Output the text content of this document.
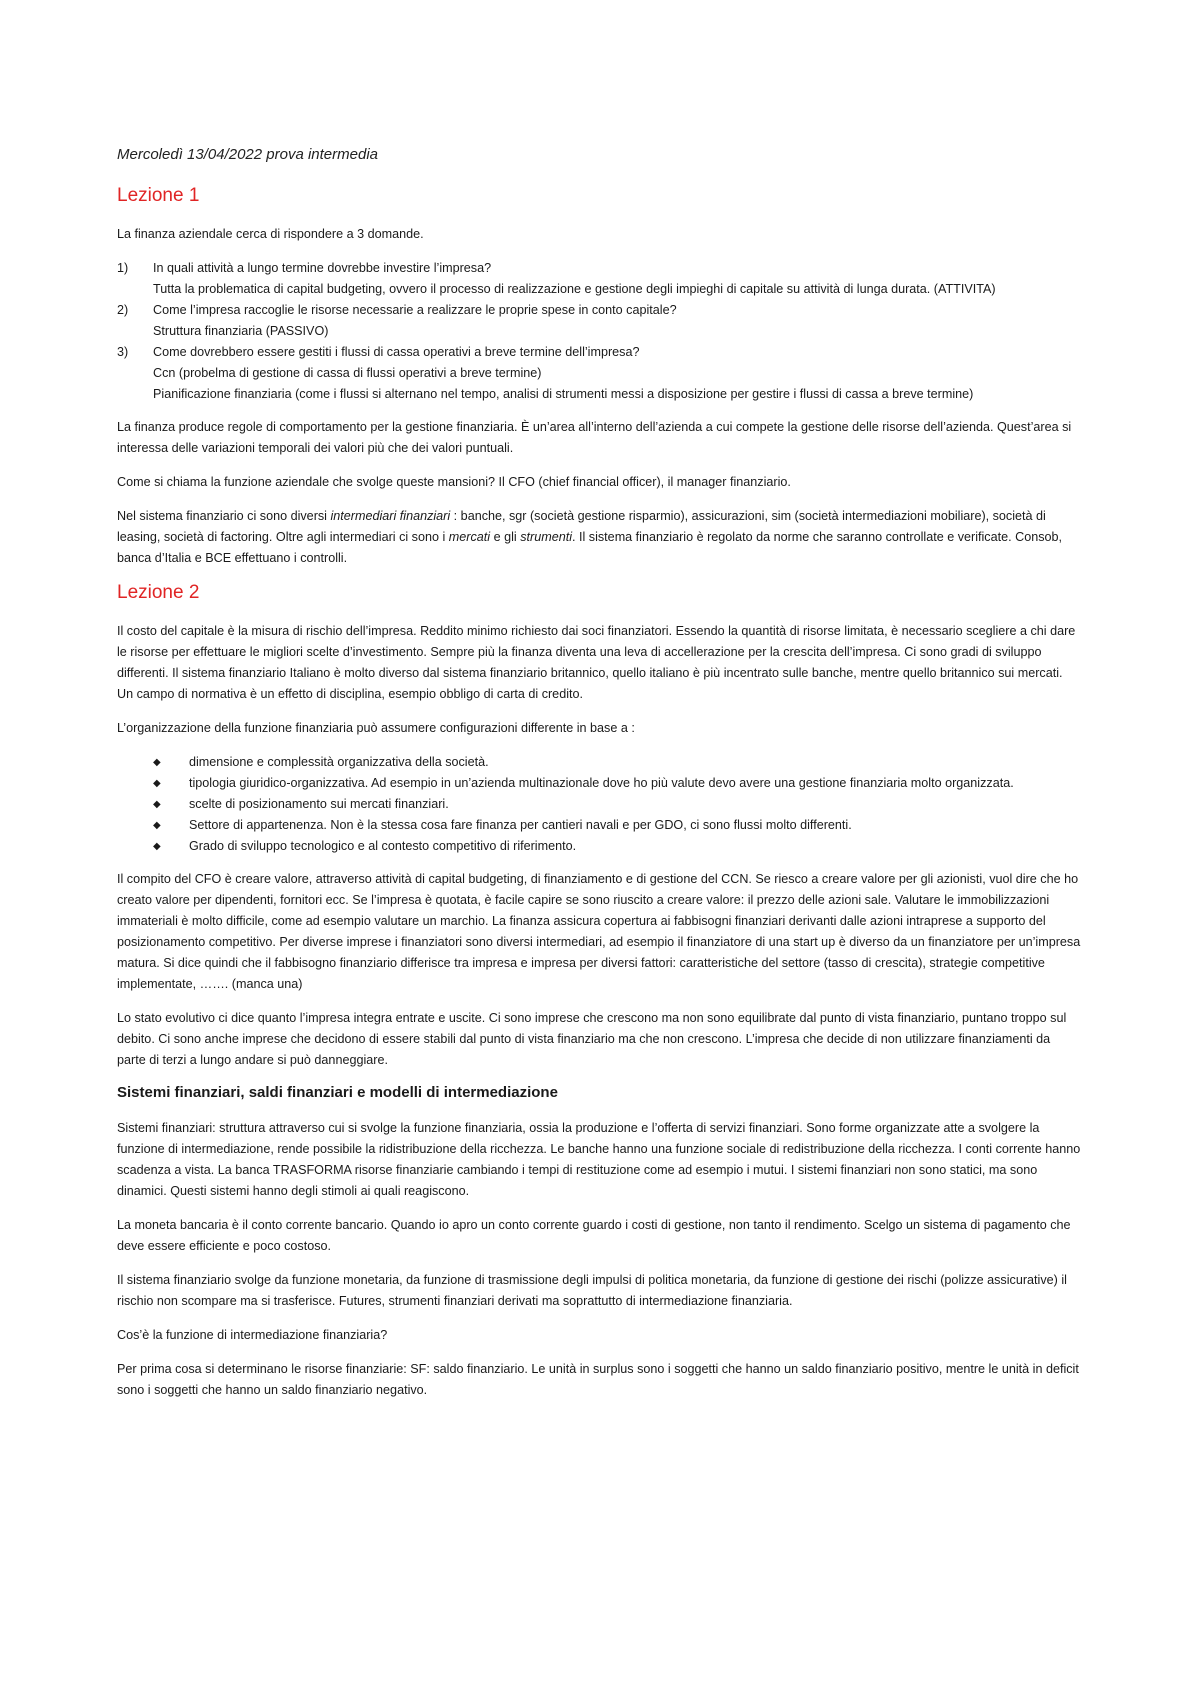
Mercoledì 13/04/2022 prova intermedia
Lezione 1

La finanza aziendale cerca di rispondere a 3 domande.

1) In quali attività a lungo termine dovrebbe investire l’impresa?
Tutta la problematica di capital budgeting, ovvero il processo di realizzazione e gestione degli impieghi di capitale su attività di lunga durata. (ATTIVITA)
2) Come l’impresa raccoglie le risorse necessarie a realizzare le proprie spese in conto capitale?
Struttura finanziaria (PASSIVO)
3) Come dovrebbero essere gestiti i flussi di cassa operativi a breve termine dell’impresa?
Ccn (probelma di gestione di cassa di flussi operativi a breve termine)
Pianificazione finanziaria (come i flussi si alternano nel tempo, analisi di strumenti messi a disposizione per gestire i flussi di cassa a breve termine)

La finanza produce regole di comportamento per la gestione finanziaria. È un’area all’interno dell’azienda a cui compete la gestione delle risorse dell’azienda. Quest’area si interessa delle variazioni temporali dei valori più che dei valori puntuali.

Come si chiama la funzione aziendale che svolge queste mansioni? Il CFO (chief financial officer), il manager finanziario.

Nel sistema finanziario ci sono diversi intermediari finanziari : banche, sgr (società gestione risparmio), assicurazioni, sim (società intermediazioni mobiliare), società di leasing, società di factoring. Oltre agli intermediari ci sono i mercati e gli strumenti. Il sistema finanziario è regolato da norme che saranno controllate e verificate. Consob, banca d’Italia e BCE effettuano i controlli.

Lezione 2

Il costo del capitale è la misura di rischio dell’impresa. Reddito minimo richiesto dai soci finanziatori. Essendo la quantità di risorse limitata, è necessario scegliere a chi dare le risorse per effettuare le migliori scelte d’investimento. Sempre più la finanza diventa una leva di accellerazione per la crescita dell’impresa. Ci sono gradi di sviluppo differenti. Il sistema finanziario Italiano è molto diverso dal sistema finanziario britannico, quello italiano è più incentrato sulle banche, mentre quello britannico sui mercati. Un campo di normativa è un effetto di disciplina, esempio obbligo di carta di credito.

L’organizzazione della funzione finanziaria può assumere configurazioni differente in base a :

◆ dimensione e complessità organizzativa della società.
◆ tipologia giuridico-organizzativa. Ad esempio in un’azienda multinazionale dove ho più valute devo avere una gestione finanziaria molto organizzata.
◆ scelte di posizionamento sui mercati finanziari.
◆ Settore di appartenenza. Non è la stessa cosa fare finanza per cantieri navali e per GDO, ci sono flussi molto differenti.
◆ Grado di sviluppo tecnologico e al contesto competitivo di riferimento.

Il compito del CFO è creare valore, attraverso attività di capital budgeting, di finanziamento e di gestione del CCN. Se riesco a creare valore per gli azionisti, vuol dire che ho creato valore per dipendenti, fornitori ecc. Se l’impresa è quotata, è facile capire se sono riuscito a creare valore: il prezzo delle azioni sale. Valutare le immobilizzazioni immateriali è molto difficile, come ad esempio valutare un marchio. La finanza assicura copertura ai fabbisogni finanziari derivanti dalle azioni intraprese a supporto del posizionamento competitivo. Per diverse imprese i finanziatori sono diversi intermediari, ad esempio il finanziatore di una start up è diverso da un finanziatore per un’impresa matura. Si dice quindi che il fabbisogno finanziario differisce tra impresa e impresa per diversi fattori: caratteristiche del settore (tasso di crescita), strategie competitive implementate, ……. (manca una)

Lo stato evolutivo ci dice quanto l’impresa integra entrate e uscite. Ci sono imprese che crescono ma non sono equilibrate dal punto di vista finanziario, puntano troppo sul debito. Ci sono anche imprese che decidono di essere stabili dal punto di vista finanziario ma che non crescono. L’impresa che decide di non utilizzare finanziamenti da parte di terzi a lungo andare si può danneggiare.

Sistemi finanziari, saldi finanziari e modelli di intermediazione

Sistemi finanziari: struttura attraverso cui si svolge la funzione finanziaria, ossia la produzione e l’offerta di servizi finanziari. Sono forme organizzate atte a svolgere la funzione di intermediazione, rende possibile la ridistribuzione della ricchezza. Le banche hanno una funzione sociale di redistribuzione della ricchezza. I conti corrente hanno scadenza a vista. La banca TRASFORMA risorse finanziarie cambiando i tempi di restituzione come ad esempio i mutui. I sistemi finanziari non sono statici, ma sono dinamici. Questi sistemi hanno degli stimoli ai quali reagiscono.

La moneta bancaria è il conto corrente bancario. Quando io apro un conto corrente guardo i costi di gestione, non tanto il rendimento. Scelgo un sistema di pagamento che deve essere efficiente e poco costoso.

Il sistema finanziario svolge da funzione monetaria, da funzione di trasmissione degli impulsi di politica monetaria, da funzione di gestione dei rischi (polizze assicurative) il rischio non scompare ma si trasferisce. Futures, strumenti finanziari derivati ma soprattutto di intermediazione finanziaria.

Cos’è la funzione di intermediazione finanziaria?

Per prima cosa si determinano le risorse finanziarie: SF: saldo finanziario. Le unità in surplus sono i soggetti che hanno un saldo finanziario positivo, mentre le unità in deficit sono i soggetti che hanno un saldo finanziario negativo.
